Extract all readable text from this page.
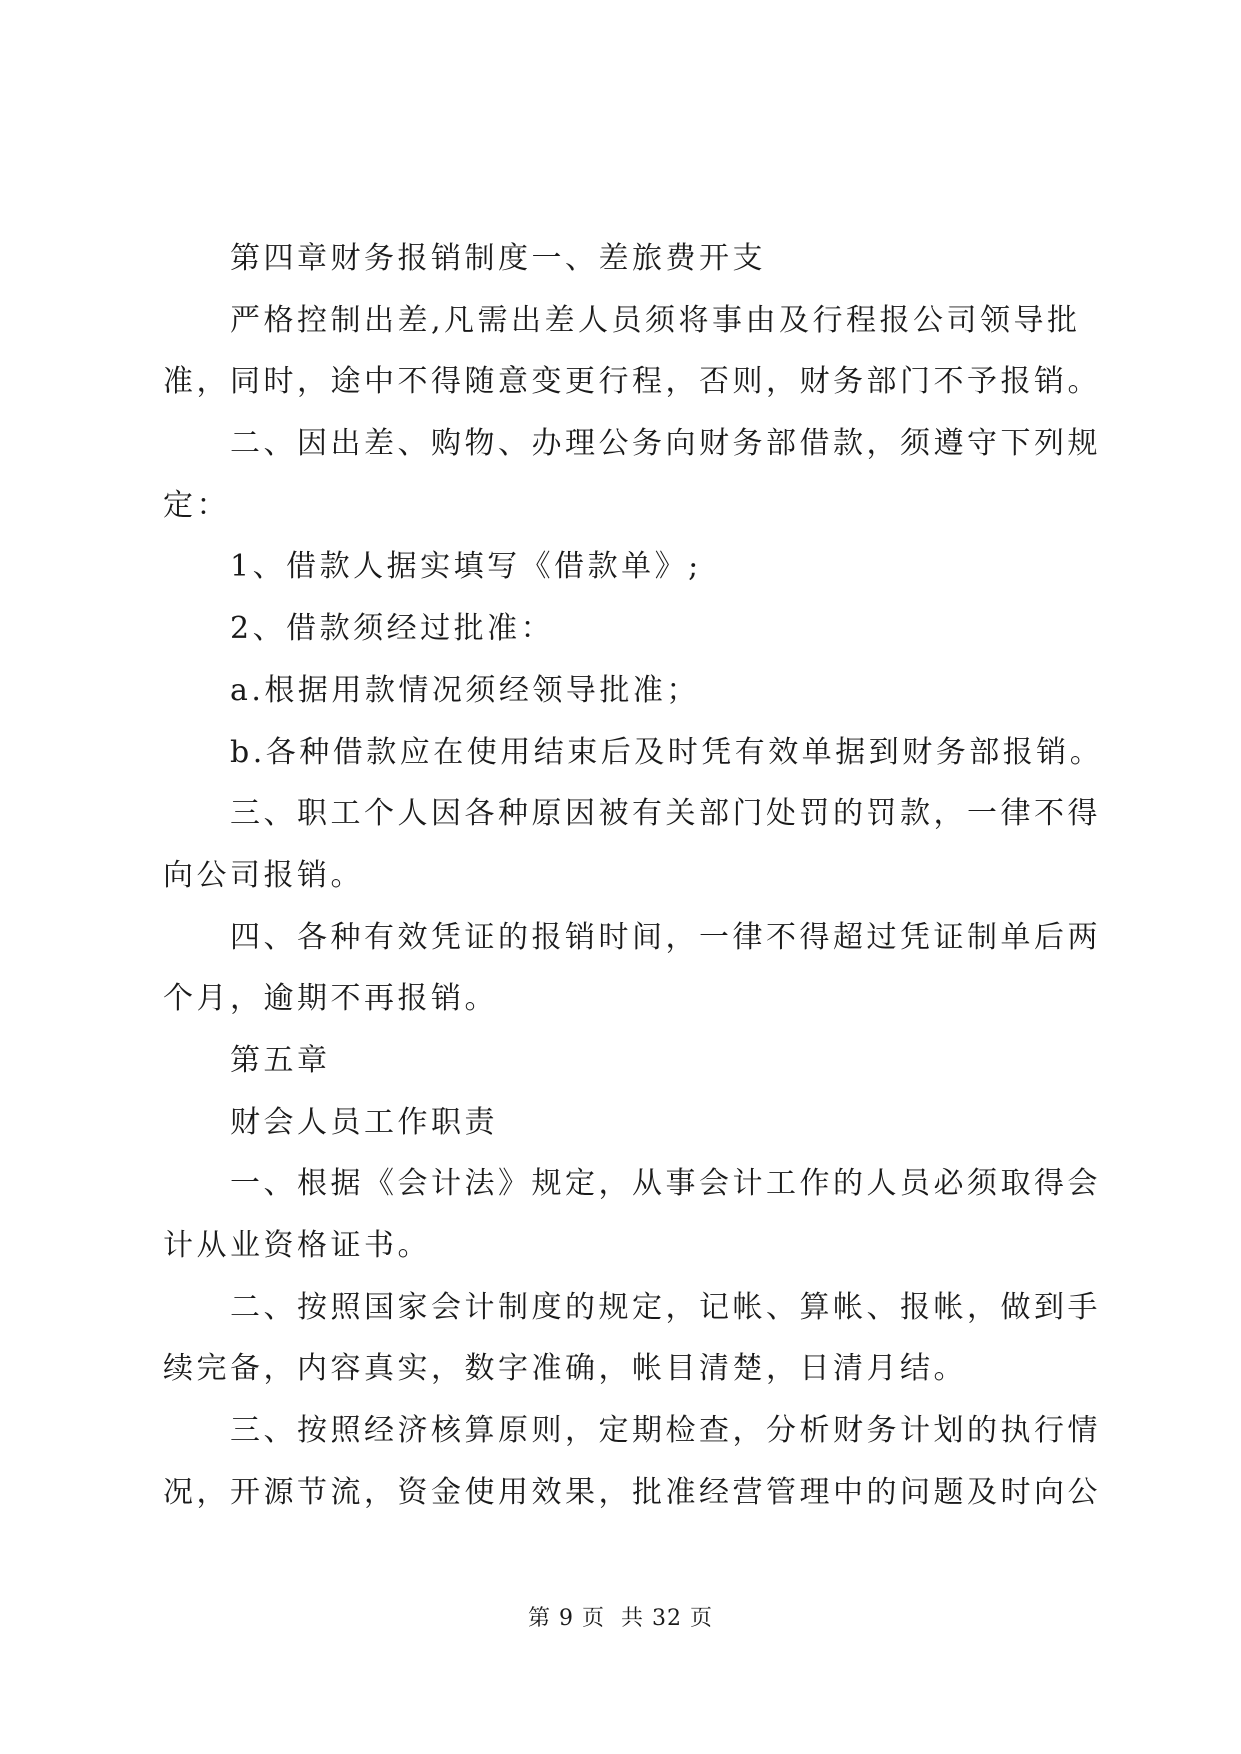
第四章财务报销制度一、差旅费开支
严格控制出差,凡需出差人员须将事由及行程报公司领导批
准，同时，途中不得随意变更行程，否则，财务部门不予报销。
二、因出差、购物、办理公务向财务部借款，须遵守下列规
定：
1、借款人据实填写《借款单》;
2、借款须经过批准：
a.根据用款情况须经领导批准；
b.各种借款应在使用结束后及时凭有效单据到财务部报销。
三、职工个人因各种原因被有关部门处罚的罚款，一律不得
向公司报销。
四、各种有效凭证的报销时间，一律不得超过凭证制单后两
个月，逾期不再报销。
第五章
财会人员工作职责
一、根据《会计法》规定，从事会计工作的人员必须取得会
计从业资格证书。
二、按照国家会计制度的规定，记帐、算帐、报帐，做到手
续完备，内容真实，数字准确，帐目清楚，日清月结。
三、按照经济核算原则，定期检查，分析财务计划的执行情
况，开源节流，资金使用效果，批准经营管理中的问题及时向公
第 9 页  共 32 页
